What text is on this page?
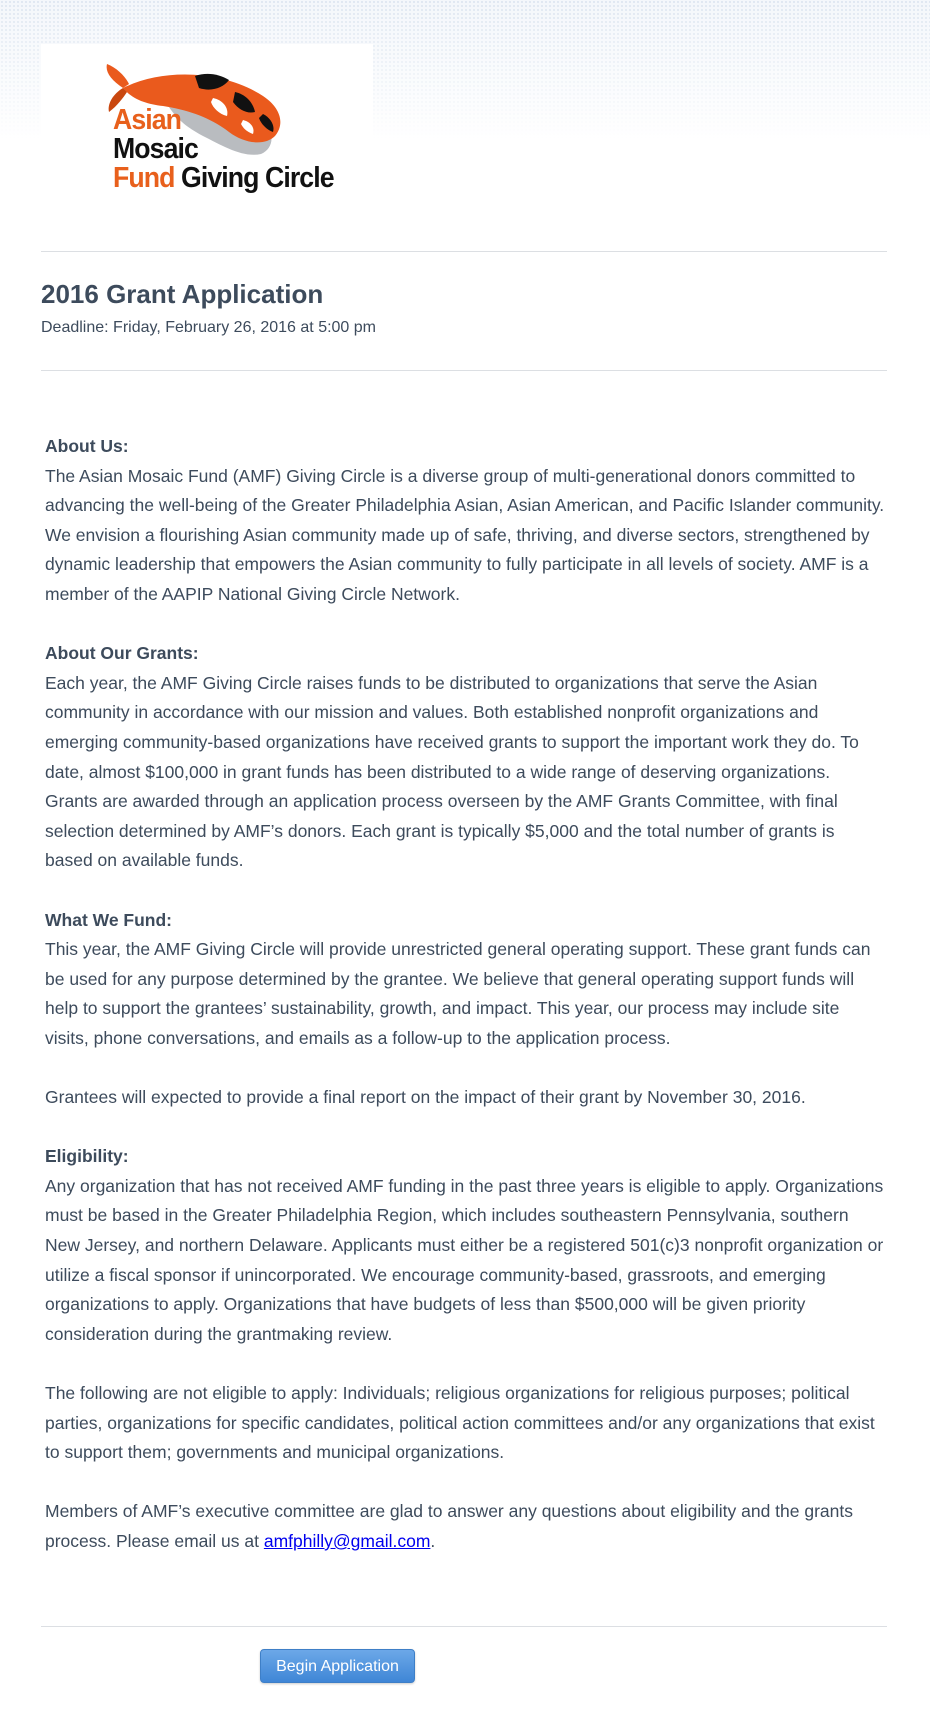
Asian
Mosaic
Fund Giving Circle
2016 Grant Application
Deadline: Friday, February 26, 2016 at 5:00 pm

About Us:

The Asian Mosaic Fund (AMF) Giving Circle is a diverse group of multi-generational donors committed to advancing the well-being of the Greater Philadelphia Asian, Asian American, and Pacific Islander community. We envision a flourishing Asian community made up of safe, thriving, and diverse sectors, strengthened by dynamic leadership that empowers the Asian community to fully participate in all levels of society. AMF is a member of the AAPIP National Giving Circle Network.

About Our Grants:

Each year, the AMF Giving Circle raises funds to be distributed to organizations that serve the Asian community in accordance with our mission and values. Both established nonprofit organizations and emerging community-based organizations have received grants to support the important work they do. To date, almost $100,000 in grant funds has been distributed to a wide range of deserving organizations. Grants are awarded through an application process overseen by the AMF Grants Committee, with final selection determined by AMF’s donors. Each grant is typically $5,000 and the total number of grants is based on available funds.

What We Fund:

This year, the AMF Giving Circle will provide unrestricted general operating support. These grant funds can be used for any purpose determined by the grantee. We believe that general operating support funds will help to support the grantees’ sustainability, growth, and impact. This year, our process may include site visits, phone conversations, and emails as a follow-up to the application process.

Grantees will expected to provide a final report on the impact of their grant by November 30, 2016.

Eligibility:

Any organization that has not received AMF funding in the past three years is eligible to apply. Organizations must be based in the Greater Philadelphia Region, which includes southeastern Pennsylvania, southern New Jersey, and northern Delaware. Applicants must either be a registered 501(c)3 nonprofit organization or utilize a fiscal sponsor if unincorporated. We encourage community-based, grassroots, and emerging organizations to apply. Organizations that have budgets of less than $500,000 will be given priority consideration during the grantmaking review.

The following are not eligible to apply: Individuals; religious organizations for religious purposes; political parties, organizations for specific candidates, political action committees and/or any organizations that exist to support them; governments and municipal organizations.

Members of AMF’s executive committee are glad to answer any questions about eligibility and the grants process. Please email us at amfphilly@gmail.com.

Begin Application
